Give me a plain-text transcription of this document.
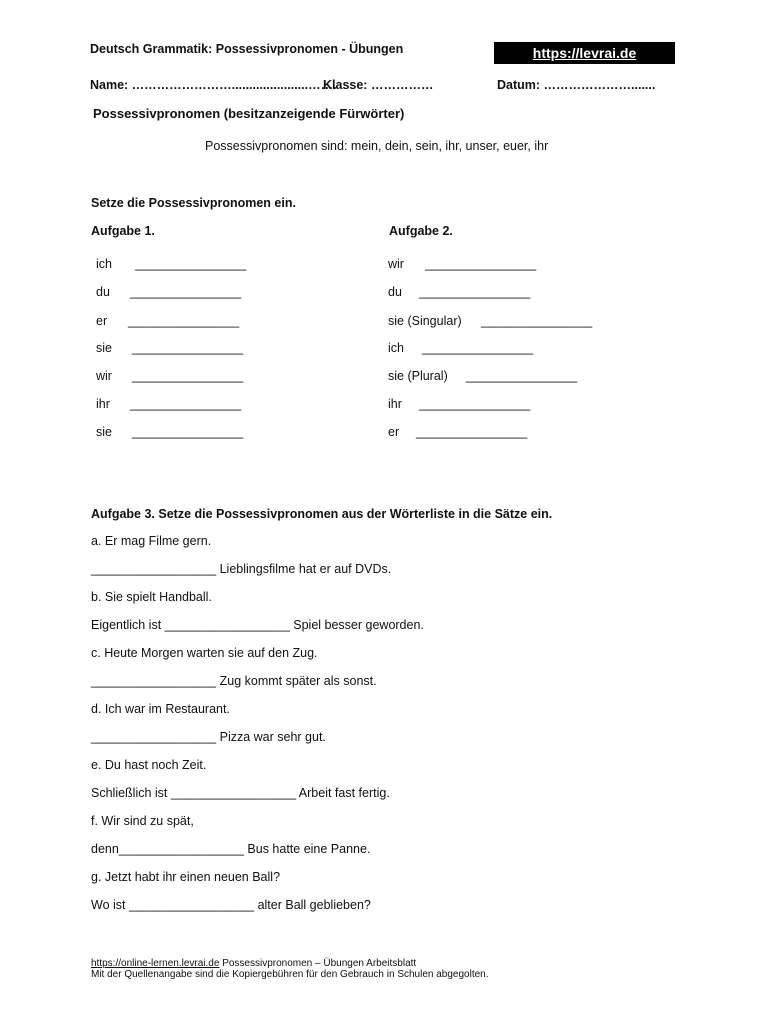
Deutsch Grammatik: Possessivpronomen - Übungen	https://levrai.de
Name: ……………………......................…….
Klasse: ……………	Datum: ………………….......
Possessivpronomen (besitzanzeigende Fürwörter)
Possessivpronomen sind: mein, dein, sein, ihr, unser, euer, ihr
Setze die Possessivpronomen ein.
Aufgabe 1.
ich ________________
du ________________
er ________________
sie ________________
wir ________________
ihr ________________
sie ________________
Aufgabe 2.
wir ________________
du ________________
sie (Singular) ________________
ich ________________
sie (Plural) ________________
ihr ________________
er ________________
Aufgabe 3. Setze die Possessivpronomen aus der Wörterliste in die Sätze ein.
a. Er mag Filme gern.
__________________ Lieblingsfilme hat er auf DVDs.
b. Sie spielt Handball.
Eigentlich ist __________________ Spiel besser geworden.
c. Heute Morgen warten sie auf den Zug.
__________________ Zug kommt später als sonst.
d. Ich war im Restaurant.
__________________ Pizza war sehr gut.
e. Du hast noch Zeit.
Schließlich ist __________________ Arbeit fast fertig.
f. Wir sind zu spät,
denn__________________ Bus hatte eine Panne.
g. Jetzt habt ihr einen neuen Ball?
Wo ist __________________ alter Ball geblieben?
https://online-lernen.levrai.de Possessivpronomen – Übungen Arbeitsblatt
Mit der Quellenangabe sind die Kopiergebühren für den Gebrauch in Schulen abgegolten.
